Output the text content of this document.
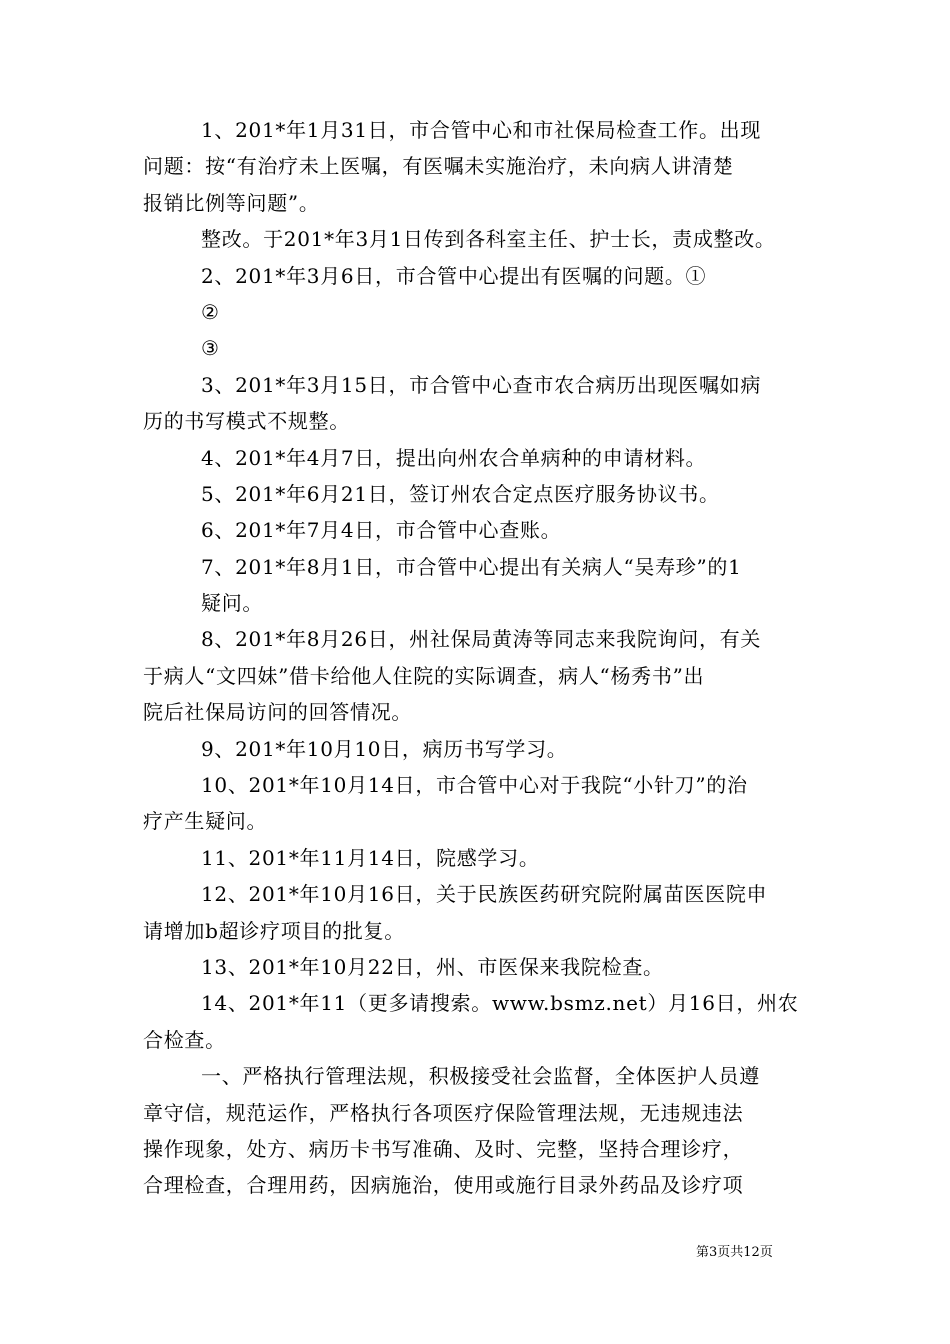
1、201*年1月31日，市合管中心和市社保局检查工作。出现
问题：按“有治疗未上医嘱，有医嘱未实施治疗，未向病人讲清楚
报销比例等问题”。
整改。于201*年3月1日传到各科室主任、护士长，责成整改。
2、201*年3月6日，市合管中心提出有医嘱的问题。①
②
③
3、201*年3月15日，市合管中心查市农合病历出现医嘱如病
历的书写模式不规整。
4、201*年4月7日，提出向州农合单病种的申请材料。
5、201*年6月21日，签订州农合定点医疗服务协议书。
6、201*年7月4日，市合管中心查账。
7、201*年8月1日，市合管中心提出有关病人“吴寿珍”的1
疑问。
8、201*年8月26日，州社保局黄涛等同志来我院询问，有关
于病人“文四妹”借卡给他人住院的实际调查，病人“杨秀书”出
院后社保局访问的回答情况。
9、201*年10月10日，病历书写学习。
10、201*年10月14日，市合管中心对于我院“小针刀”的治
疗产生疑问。
11、201*年11月14日，院感学习。
12、201*年10月16日，关于民族医药研究院附属苗医医院申
请增加b超诊疗项目的批复。
13、201*年10月22日，州、市医保来我院检查。
14、201*年11（更多请搜索。www.bsmz.net）月16日，州农
合检查。
一、严格执行管理法规，积极接受社会监督，全体医护人员遵
章守信，规范运作，严格执行各项医疗保险管理法规，无违规违法
操作现象，处方、病历卡书写准确、及时、完整，坚持合理诊疗，
合理检查，合理用药，因病施治，使用或施行目录外药品及诊疗项
第3页共12页
